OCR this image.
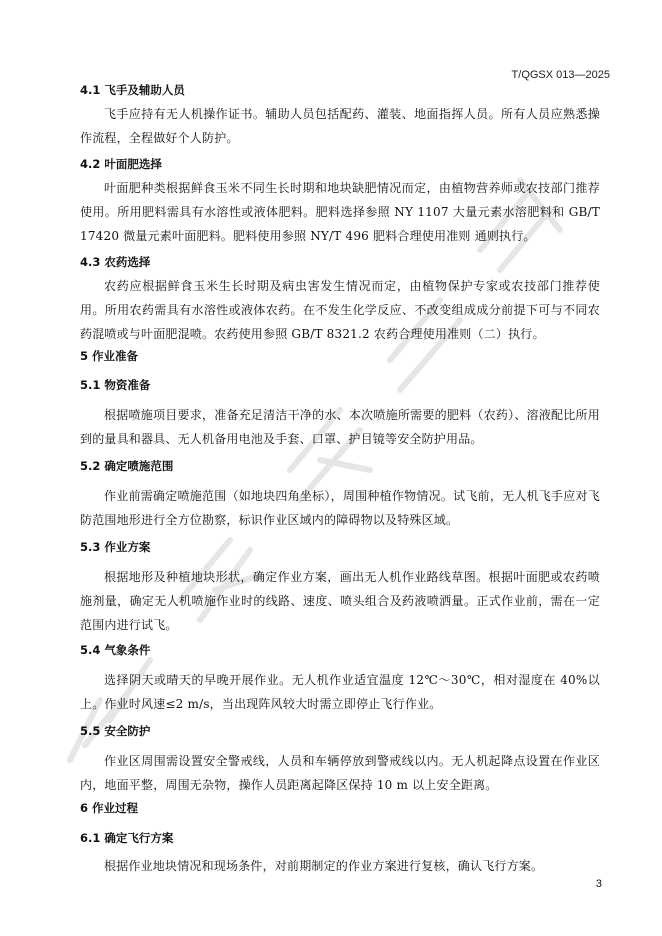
T/QGSX 013—2025
4.1 飞手及辅助人员
飞手应持有无人机操作证书。辅助人员包括配药、灌装、地面指挥人员。所有人员应熟悉操作流程，全程做好个人防护。
4.2 叶面肥选择
叶面肥种类根据鲜食玉米不同生长时期和地块缺肥情况而定，由植物营养师或农技部门推荐使用。所用肥料需具有水溶性或液体肥料。肥料选择参照 NY 1107 大量元素水溶肥料和 GB/T 17420 微量元素叶面肥料。肥料使用参照 NY/T 496 肥料合理使用准则 通则执行。
4.3 农药选择
农药应根据鲜食玉米生长时期及病虫害发生情况而定，由植物保护专家或农技部门推荐使用。所用农药需具有水溶性或液体农药。在不发生化学反应、不改变组成成分前提下可与不同农药混喷或与叶面肥混喷。农药使用参照 GB/T 8321.2 农药合理使用准则（二）执行。
5 作业准备
5.1 物资准备
根据喷施项目要求，准备充足清洁干净的水、本次喷施所需要的肥料（农药）、溶液配比所用到的量具和器具、无人机备用电池及手套、口罩、护目镜等安全防护用品。
5.2 确定喷施范围
作业前需确定喷施范围（如地块四角坐标），周围种植作物情况。试飞前，无人机飞手应对飞防范围地形进行全方位勘察，标识作业区域内的障碍物以及特殊区域。
5.3 作业方案
根据地形及种植地块形状，确定作业方案，画出无人机作业路线草图。根据叶面肥或农药喷施剂量，确定无人机喷施作业时的线路、速度、喷头组合及药液喷洒量。正式作业前，需在一定范围内进行试飞。
5.4 气象条件
选择阴天或晴天的早晚开展作业。无人机作业适宜温度 12℃～30℃，相对湿度在 40%以上。作业时风速≤2 m/s，当出现阵风较大时需立即停止飞行作业。
5.5 安全防护
作业区周围需设置安全警戒线，人员和车辆停放到警戒线以内。无人机起降点设置在作业区内，地面平整，周围无杂物，操作人员距离起降区保持 10 m 以上安全距离。
6 作业过程
6.1 确定飞行方案
根据作业地块情况和现场条件，对前期制定的作业方案进行复核，确认飞行方案。
3
